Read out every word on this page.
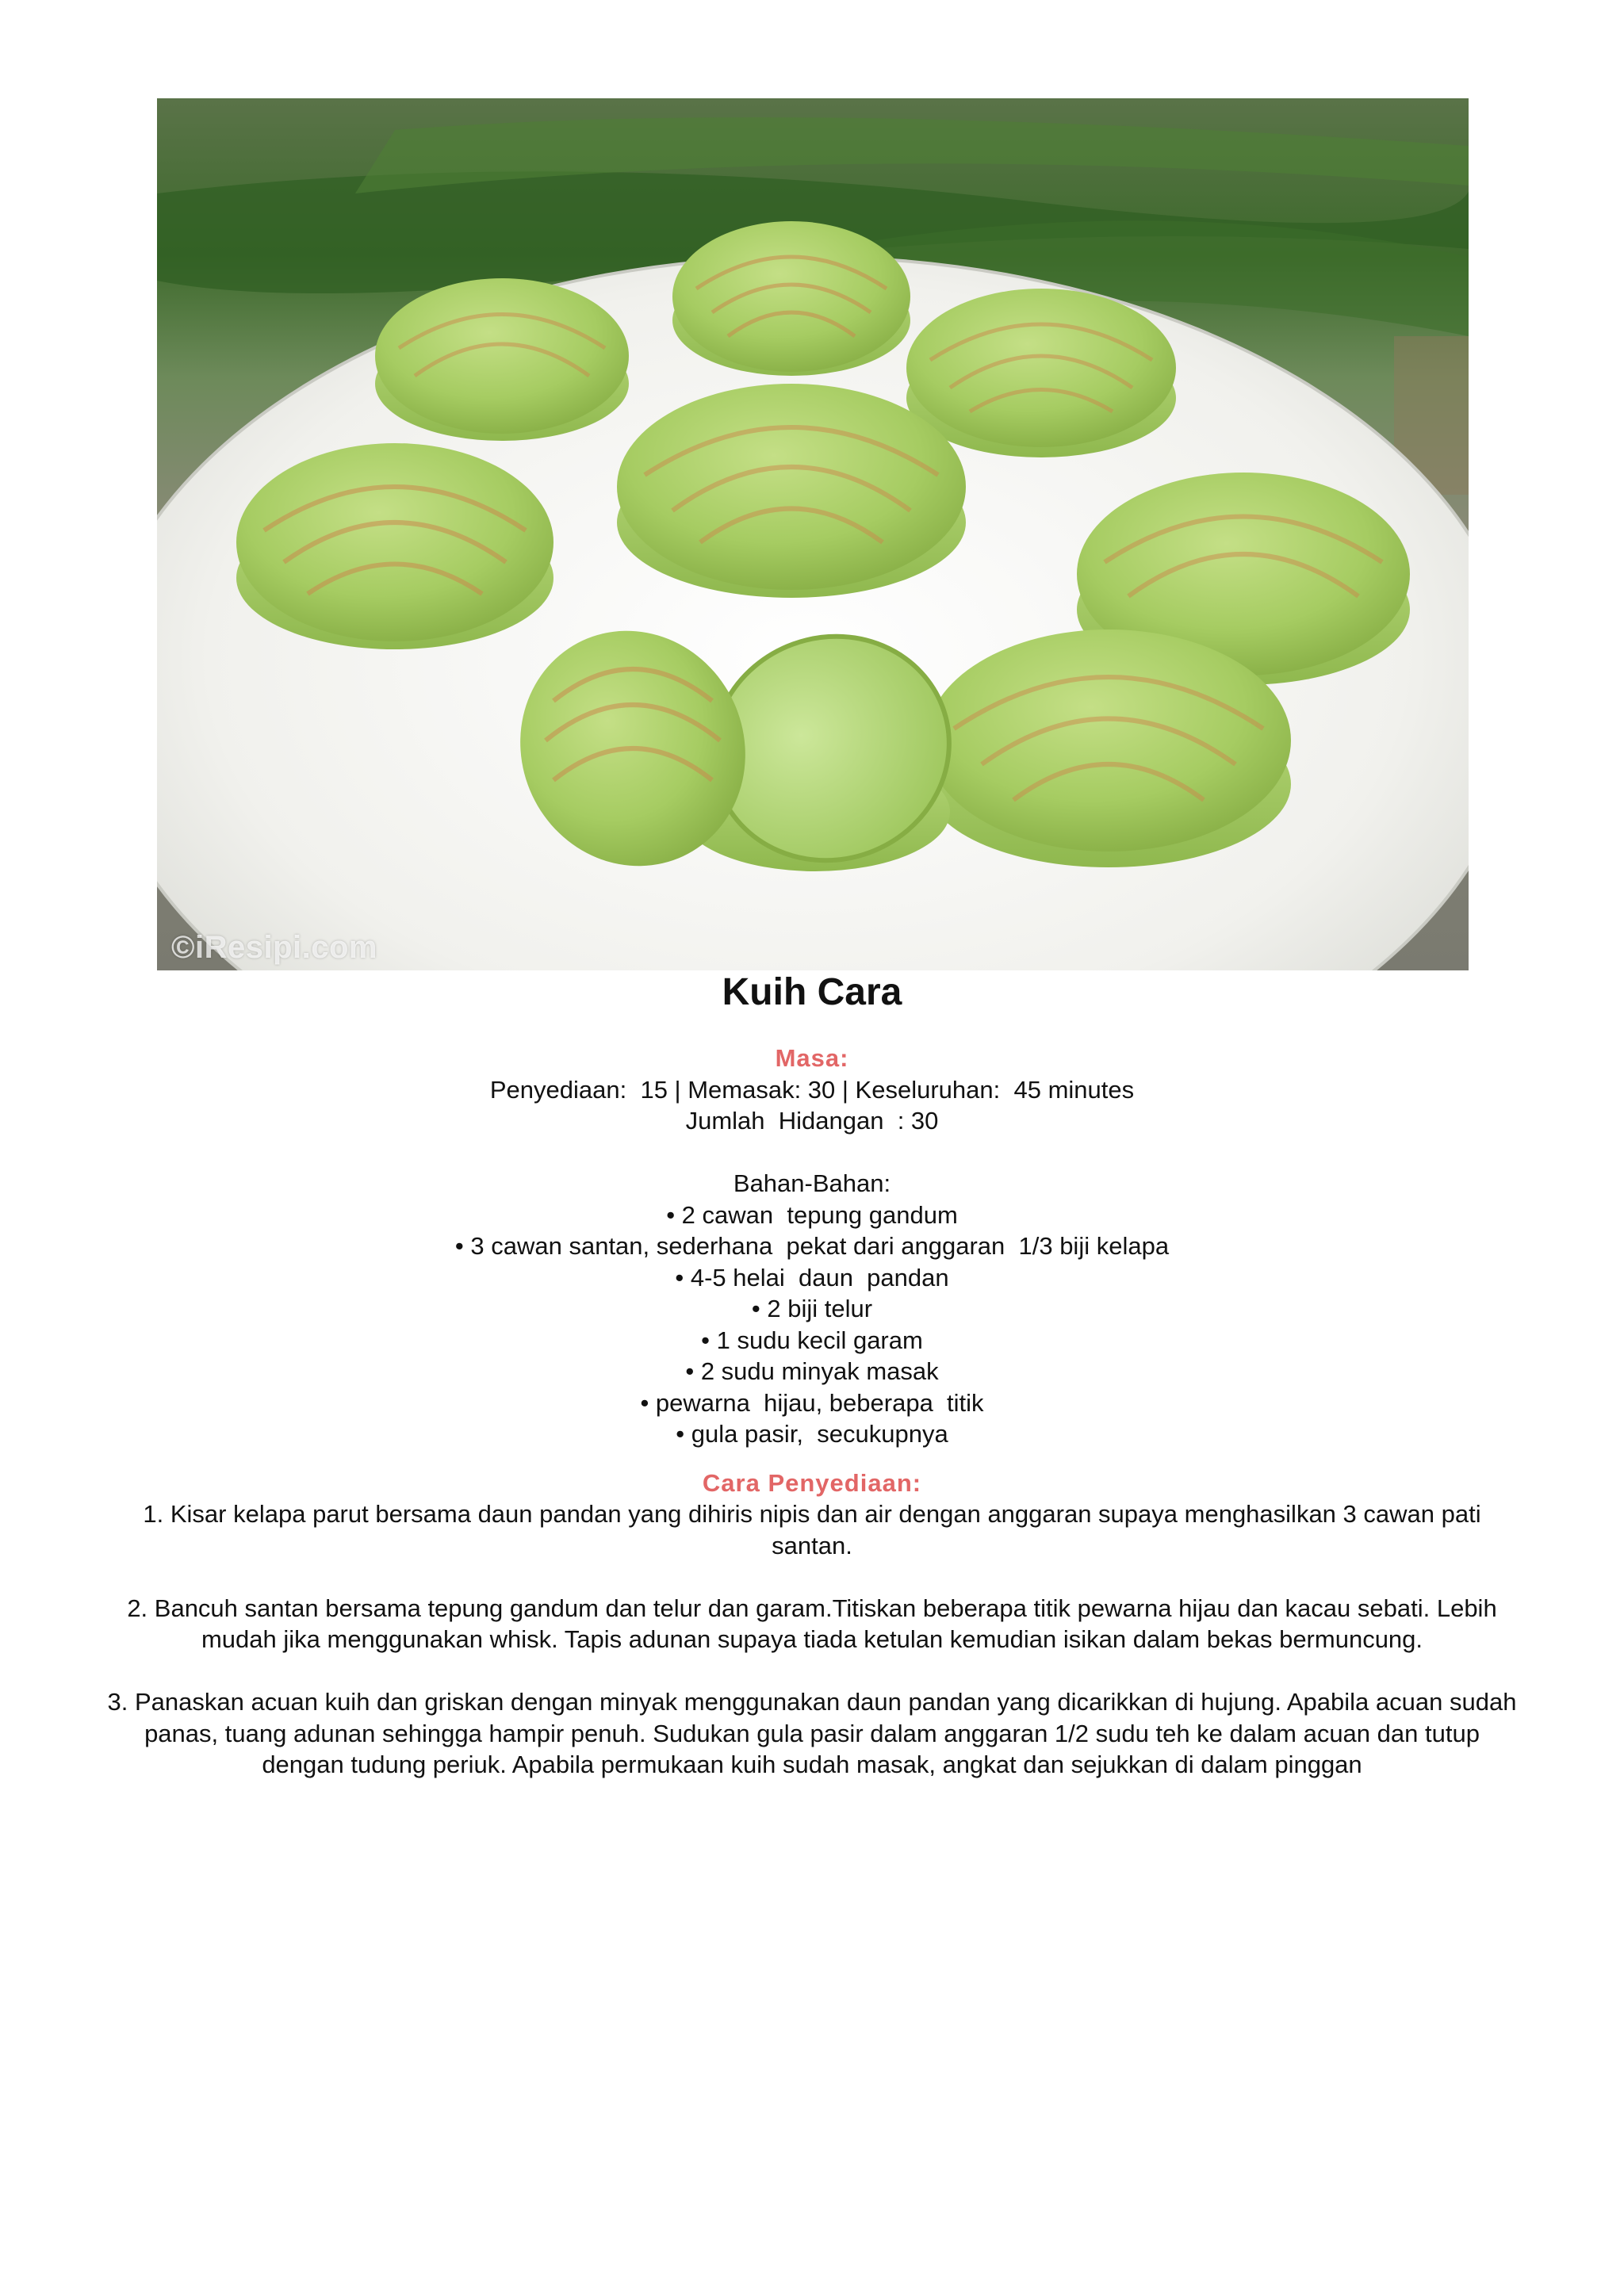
©iResipi.com
Kuih Cara
Masa:
Penyediaan:  15 | Memasak: 30 | Keseluruhan:  45 minutes
Jumlah  Hidangan  : 30
Bahan-Bahan:
• 2 cawan  tepung gandum
• 3 cawan santan, sederhana  pekat dari anggaran  1/3 biji kelapa
• 4-5 helai  daun  pandan
• 2 biji telur
• 1 sudu kecil garam
• 2 sudu minyak masak
• pewarna  hijau, beberapa  titik
• gula pasir,  secukupnya
Cara Penyediaan:
1. Kisar kelapa parut bersama daun pandan yang dihiris nipis dan air dengan anggaran supaya menghasilkan 3 cawan pati santan.
2. Bancuh santan bersama tepung gandum dan telur dan garam.Titiskan beberapa titik pewarna hijau dan kacau sebati. Lebih mudah jika menggunakan whisk. Tapis adunan supaya tiada ketulan kemudian isikan dalam bekas bermuncung.
3. Panaskan acuan kuih dan griskan dengan minyak menggunakan daun pandan yang dicarikkan di hujung. Apabila acuan sudah panas, tuang adunan sehingga hampir penuh. Sudukan gula pasir dalam anggaran 1/2 sudu teh ke dalam acuan dan tutup dengan tudung periuk. Apabila permukaan kuih sudah masak, angkat dan sejukkan di dalam pinggan
